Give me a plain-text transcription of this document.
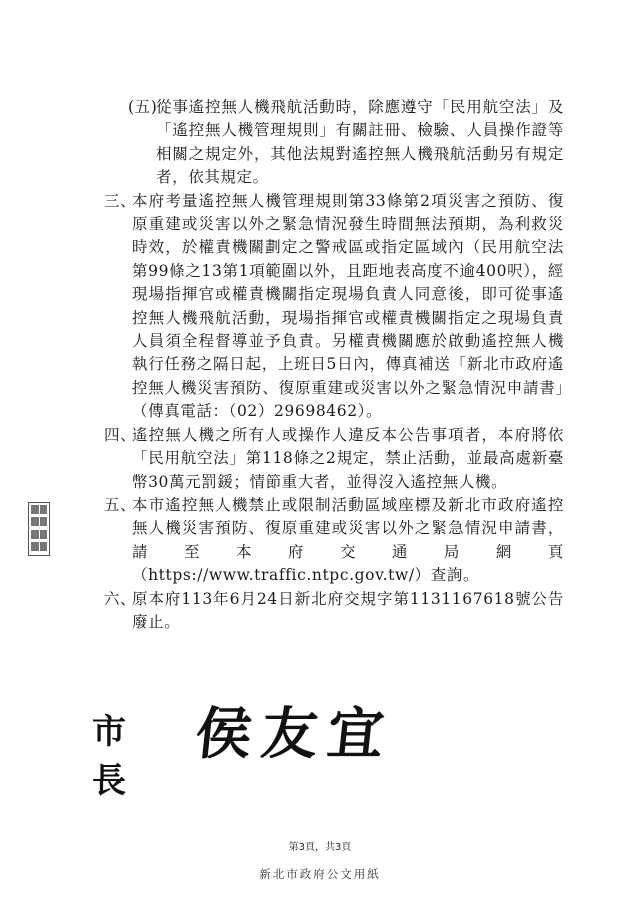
(五)
從事遙控無人機飛航活動時，除應遵守「民用航空法」及「遙控無人機管理規則」有關註冊、檢驗、人員操作證等相關之規定外，其他法規對遙控無人機飛航活動另有規定者，依其規定。
三、
本府考量遙控無人機管理規則第33條第2項災害之預防、復原重建或災害以外之緊急情況發生時間無法預期，為利救災時效，於權責機關劃定之警戒區或指定區域內（民用航空法第99條之13第1項範圍以外，且距地表高度不逾400呎），經現場指揮官或權責機關指定現場負責人同意後，即可從事遙控無人機飛航活動，現場指揮官或權責機關指定之現場負責人員須全程督導並予負責。另權責機關應於啟動遙控無人機執行任務之隔日起，上班日5日內，傳真補送「新北市政府遙控無人機災害預防、復原重建或災害以外之緊急情況申請書」（傳真電話：（02）29698462）。
四、
遙控無人機之所有人或操作人違反本公告事項者，本府將依「民用航空法」第118條之2規定，禁止活動，並最高處新臺幣30萬元罰鍰；情節重大者，並得沒入遙控無人機。
五、
本市遙控無人機禁止或限制活動區域座標及新北市政府遙控無人機災害預防、復原重建或災害以外之緊急情況申請書，請至本府交通局網頁（https://www.traffic.ntpc.gov.tw/）查詢。
六、
原本府113年6月24日新北府交規字第1131167618號公告廢止。
市長
侯友宜
第3頁，共3頁
新北市政府公文用紙
